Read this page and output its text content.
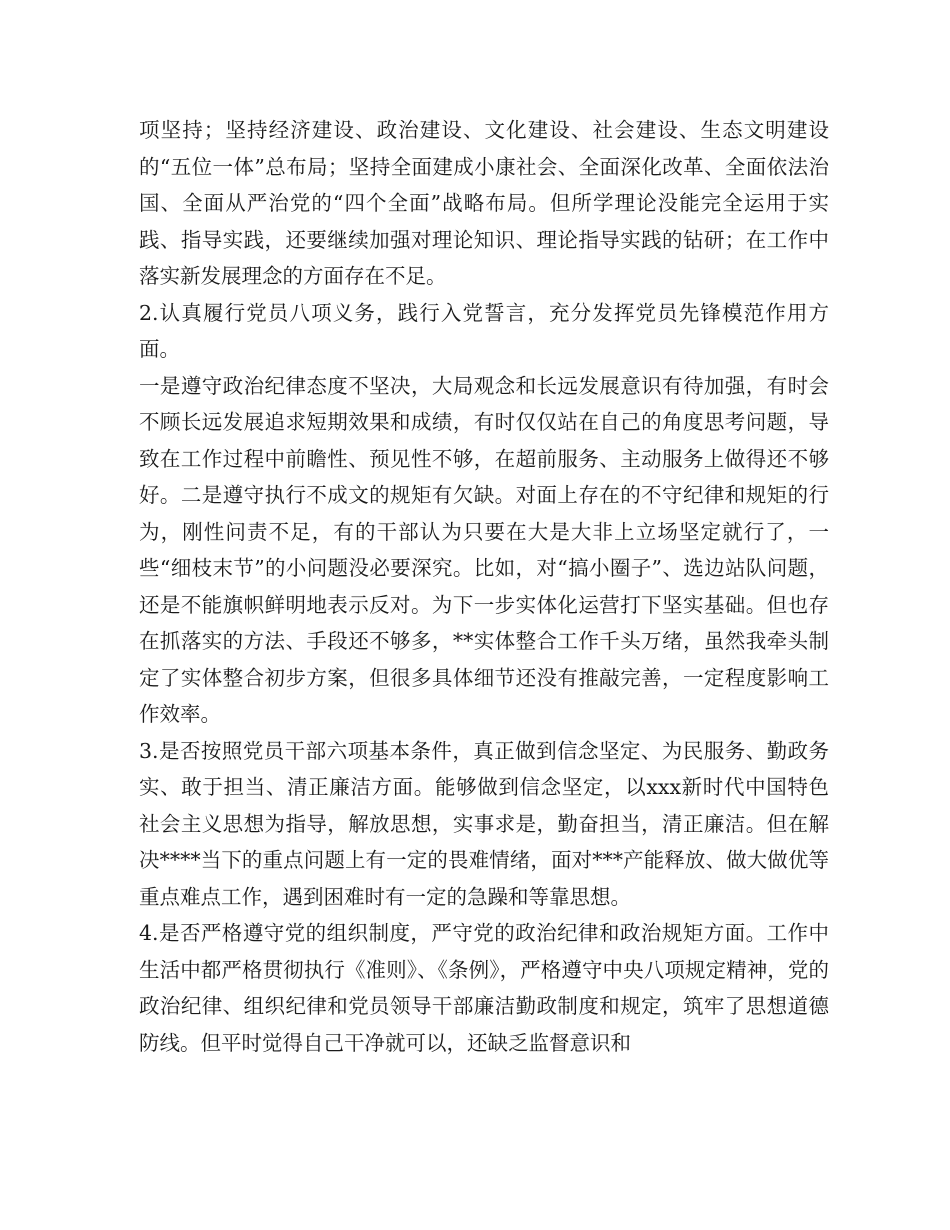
项坚持；坚持经济建设、政治建设、文化建设、社会建设、生态文明建设的“五位一体”总布局；坚持全面建成小康社会、全面深化改革、全面依法治国、全面从严治党的“四个全面”战略布局。但所学理论没能完全运用于实践、指导实践，还要继续加强对理论知识、理论指导实践的钻研；在工作中落实新发展理念的方面存在不足。

2.认真履行党员八项义务，践行入党誓言，充分发挥党员先锋模范作用方面。

一是遵守政治纪律态度不坚决，大局观念和长远发展意识有待加强，有时会不顾长远发展追求短期效果和成绩，有时仅仅站在自己的角度思考问题，导致在工作过程中前瞻性、预见性不够，在超前服务、主动服务上做得还不够好。二是遵守执行不成文的规矩有欠缺。对面上存在的不守纪律和规矩的行为，刚性问责不足，有的干部认为只要在大是大非上立场坚定就行了，一些“细枝末节”的小问题没必要深究。比如，对“搞小圈子”、选边站队问题，还是不能旗帜鲜明地表示反对。为下一步实体化运营打下坚实基础。但也存在抓落实的方法、手段还不够多，**实体整合工作千头万绪，虽然我牵头制定了实体整合初步方案，但很多具体细节还没有推敲完善，一定程度影响工作效率。

3.是否按照党员干部六项基本条件，真正做到信念坚定、为民服务、勤政务实、敢于担当、清正廉洁方面。能够做到信念坚定，以xxx新时代中国特色社会主义思想为指导，解放思想，实事求是，勤奋担当，清正廉洁。但在解决****当下的重点问题上有一定的畏难情绪，面对***产能释放、做大做优等重点难点工作，遇到困难时有一定的急躁和等靠思想。

4.是否严格遵守党的组织制度，严守党的政治纪律和政治规矩方面。工作中生活中都严格贯彻执行《准则》、《条例》，严格遵守中央八项规定精神，党的政治纪律、组织纪律和党员领导干部廉洁勤政制度和规定，筑牢了思想道德防线。但平时觉得自己干净就可以，还缺乏监督意识和
